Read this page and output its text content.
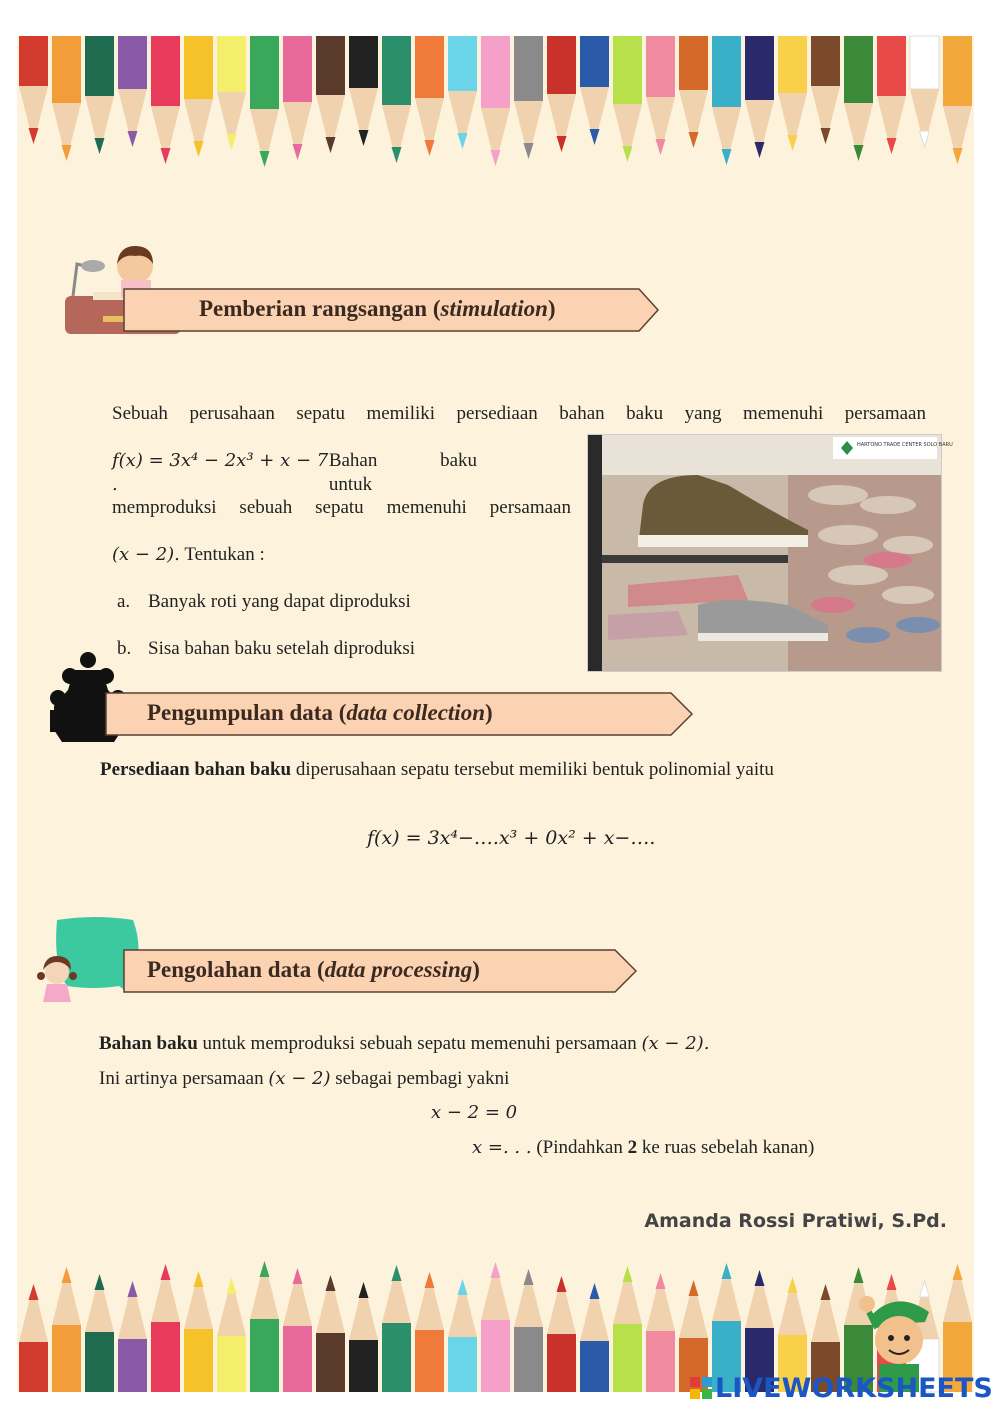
Pemberian rangsangan (stimulation)
Sebuah perusahaan sepatu memiliki persediaan bahan baku yang memenuhi persamaan
f(x) = 3x⁴ − 2x³ + x − 7 .
Bahan baku untuk
memproduksi sebuah sepatu memenuhi persamaan
(x − 2). Tentukan :
a. Banyak roti yang dapat diproduksi
b. Sisa bahan baku setelah diproduksi
HARTONO TRADE CENTER SOLO BARU
Pengumpulan data (data collection)
Persediaan bahan baku diperusahaan sepatu tersebut memiliki bentuk polinomial yaitu
f(x) = 3x⁴−….x³ + 0x² + x−….
Pengolahan data (data processing)
Bahan baku untuk memproduksi sebuah sepatu memenuhi persamaan (x − 2).
Ini artinya persamaan (x − 2) sebagai pembagi yakni
x − 2 = 0
x =. . . (Pindahkan 2 ke ruas sebelah kanan)
Amanda Rossi Pratiwi, S.Pd.
LIVEWORKSHEETS
